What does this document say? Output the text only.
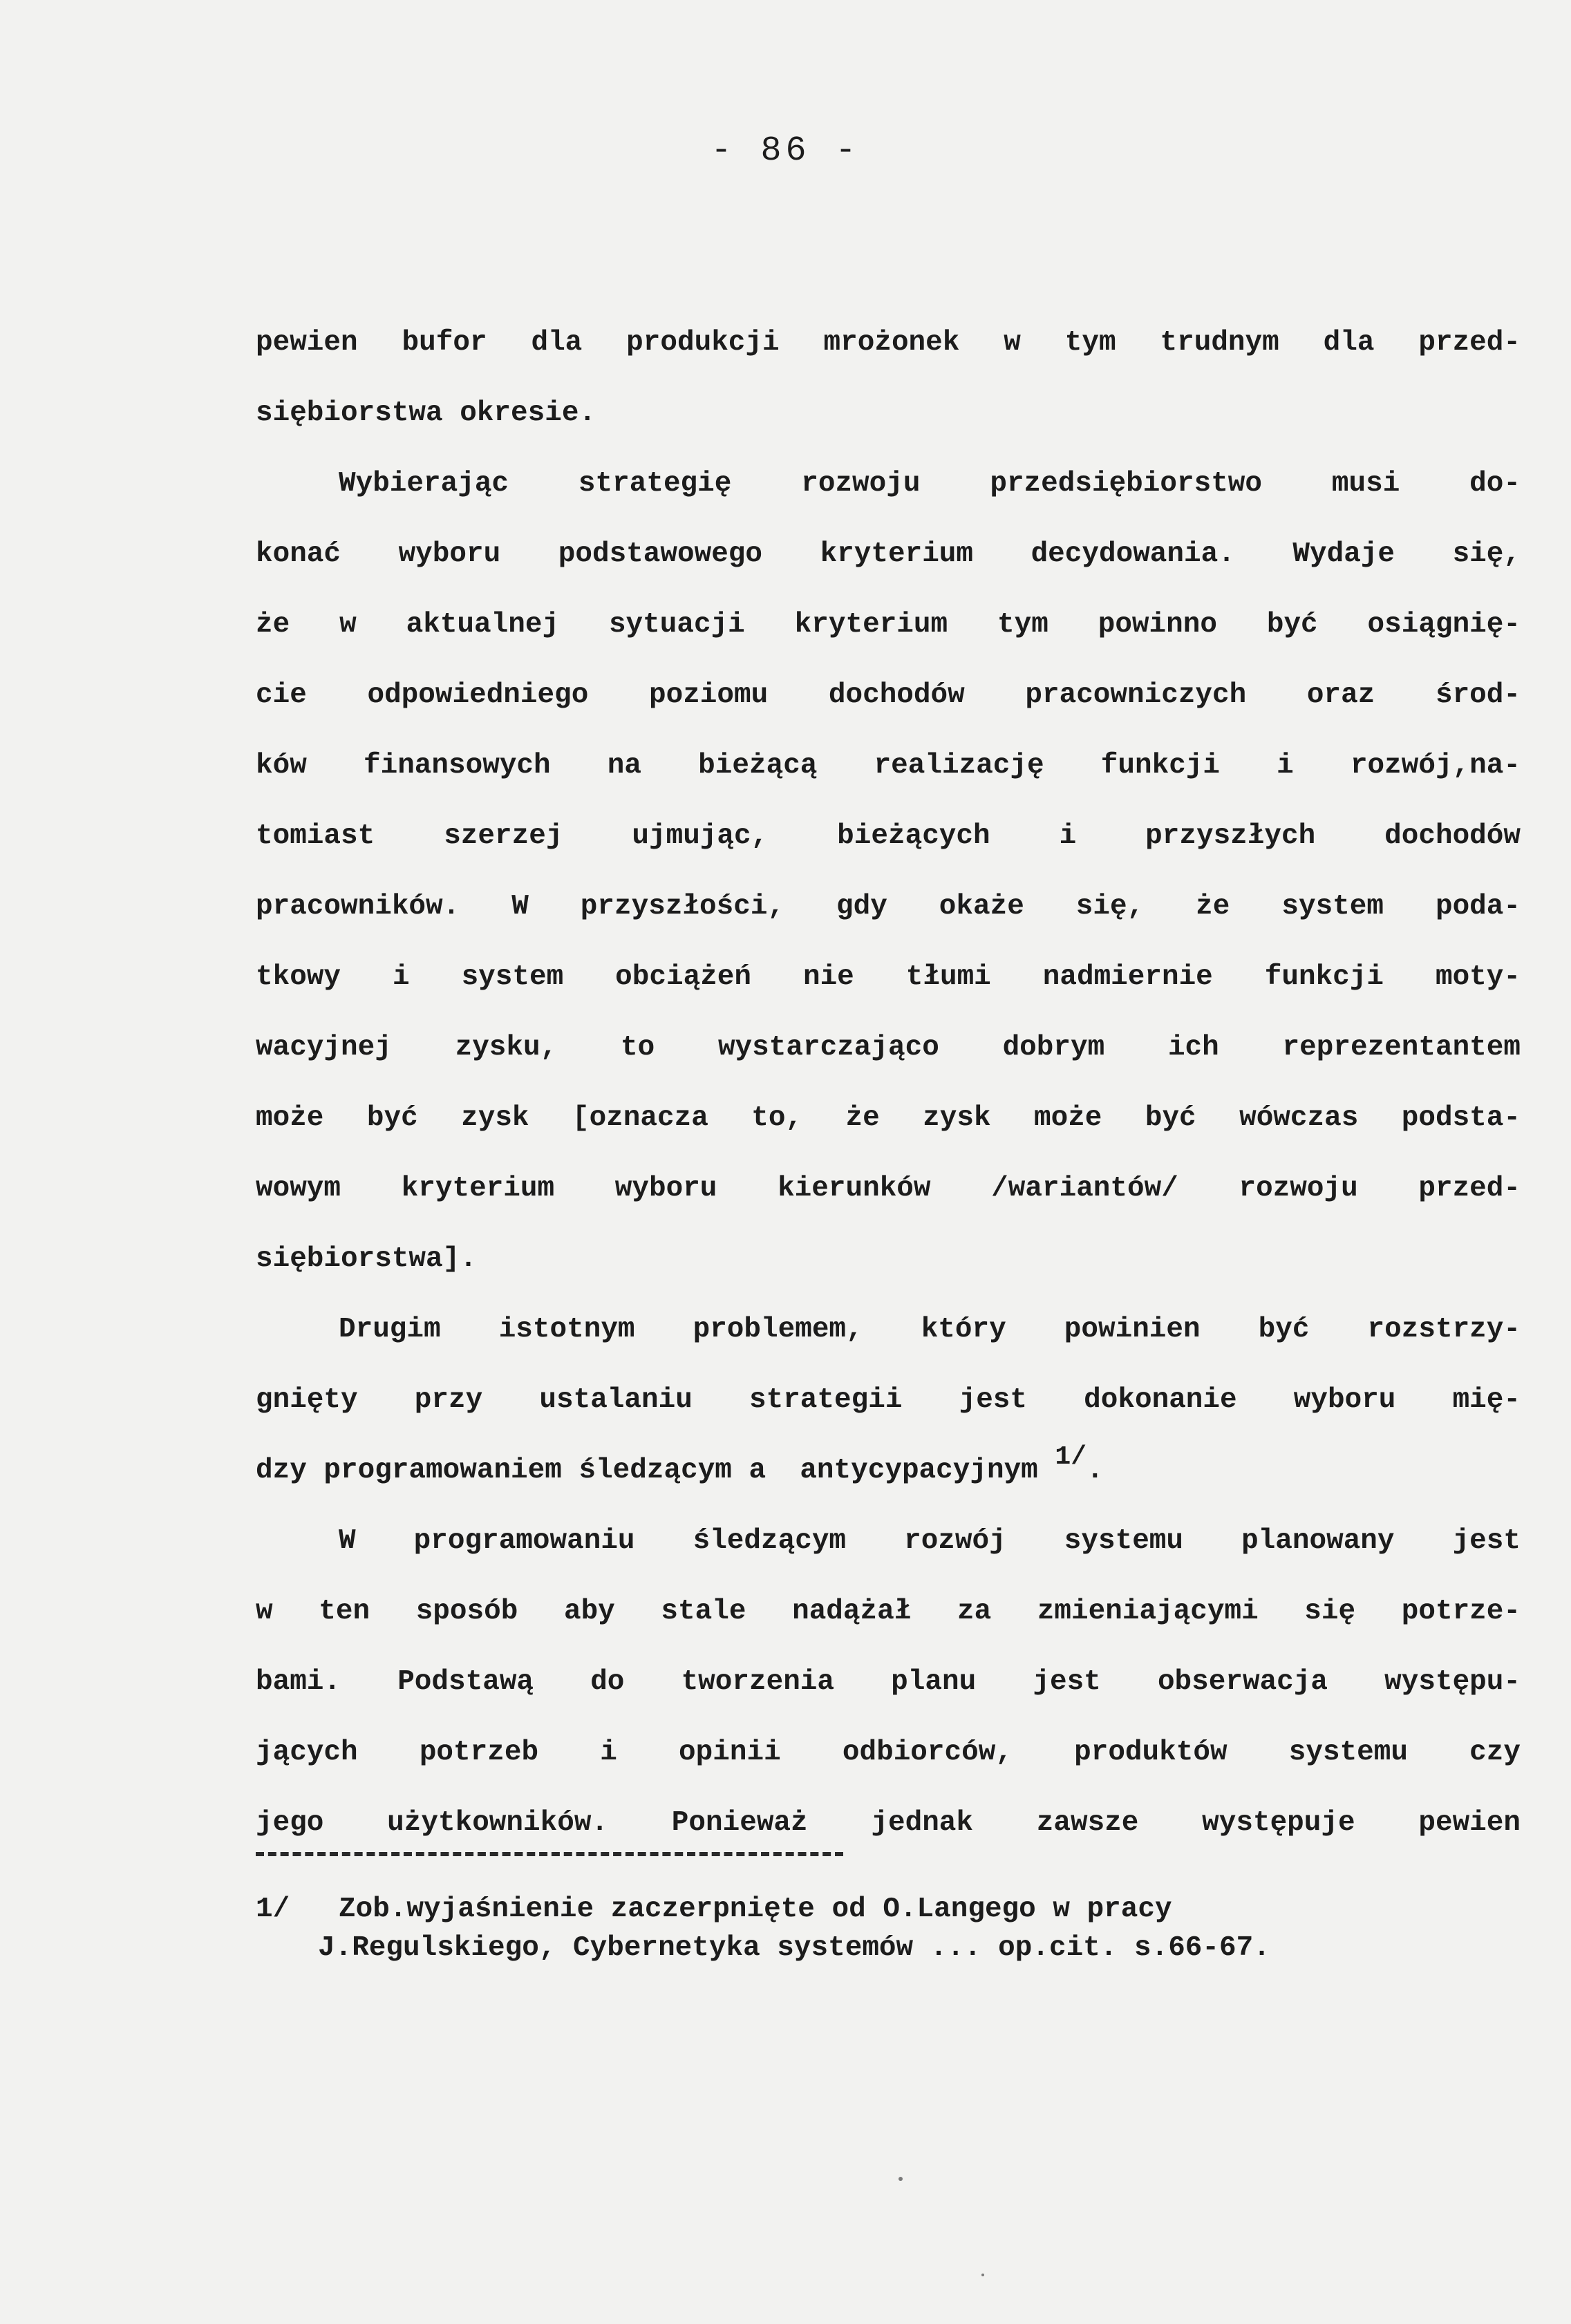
- 86 -
pewien bufor dla produkcji mrożonek w tym trudnym dla przed-
siębiorstwa okresie.
Wybierając strategię rozwoju przedsiębiorstwo musi do-
konać wyboru podstawowego kryterium decydowania. Wydaje się,
że w aktualnej sytuacji kryterium tym powinno być osiągnię-
cie odpowiedniego poziomu dochodów pracowniczych oraz środ-
ków finansowych na bieżącą realizację funkcji i rozwój,na-
tomiast szerzej ujmując, bieżących i przyszłych dochodów
pracowników. W przyszłości, gdy okaże się, że system poda-
tkowy i system obciążeń nie tłumi nadmiernie funkcji moty-
wacyjnej zysku, to wystarczająco dobrym ich reprezentantem
może być zysk [oznacza to, że zysk może być wówczas podsta-
wowym kryterium wyboru kierunków /wariantów/ rozwoju przed-
siębiorstwa].
Drugim istotnym problemem, który powinien być rozstrzy-
gnięty przy ustalaniu strategii jest dokonanie wyboru mię-
dzy programowaniem śledzącym a  antycypacyjnym 1/.
W programowaniu śledzącym rozwój systemu planowany jest
w ten sposób aby stale nadążał za zmieniającymi się potrze-
bami. Podstawą do tworzenia planu jest obserwacja występu-
jących potrzeb i opinii odbiorców, produktów systemu czy
jego użytkowników. Ponieważ jednak zawsze występuje pewien
1/ Zob.wyjaśnienie zaczerpnięte od O.Langego w pracy
J.Regulskiego, Cybernetyka systemów ... op.cit. s.66-67.
